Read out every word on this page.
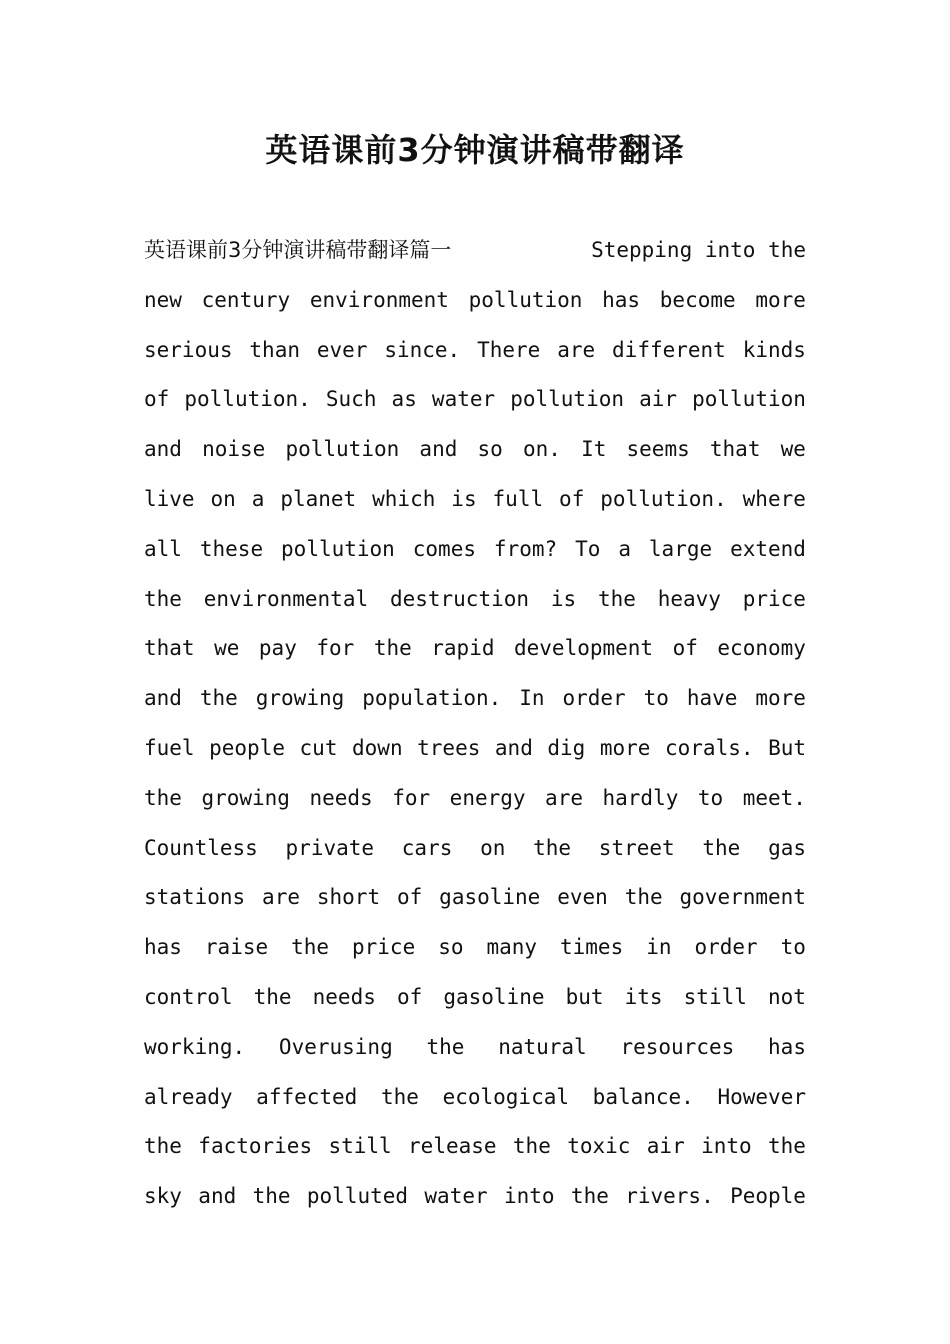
英语课前3分钟演讲稿带翻译
英语课前3分钟演讲稿带翻译篇一	Stepping into the
new century environment pollution has become more
serious than ever since. There are different kinds
of pollution. Such as water pollution air pollution
and noise pollution and so on. It seems that we
live on a planet which is full of pollution. where
all these pollution comes from? To a large extend
the environmental destruction is the heavy price
that we pay for the rapid development of economy
and the growing population. In order to have more
fuel people cut down trees and dig more corals. But
the growing needs for energy are hardly to meet.
Countless private cars on the street the gas
stations are short of gasoline even the government
has raise the price so many times in order to
control the needs of gasoline but its still not
working. Overusing the natural resources has
already affected the ecological balance. However
the factories still release the toxic air into the
sky and the polluted water into the rivers. People
